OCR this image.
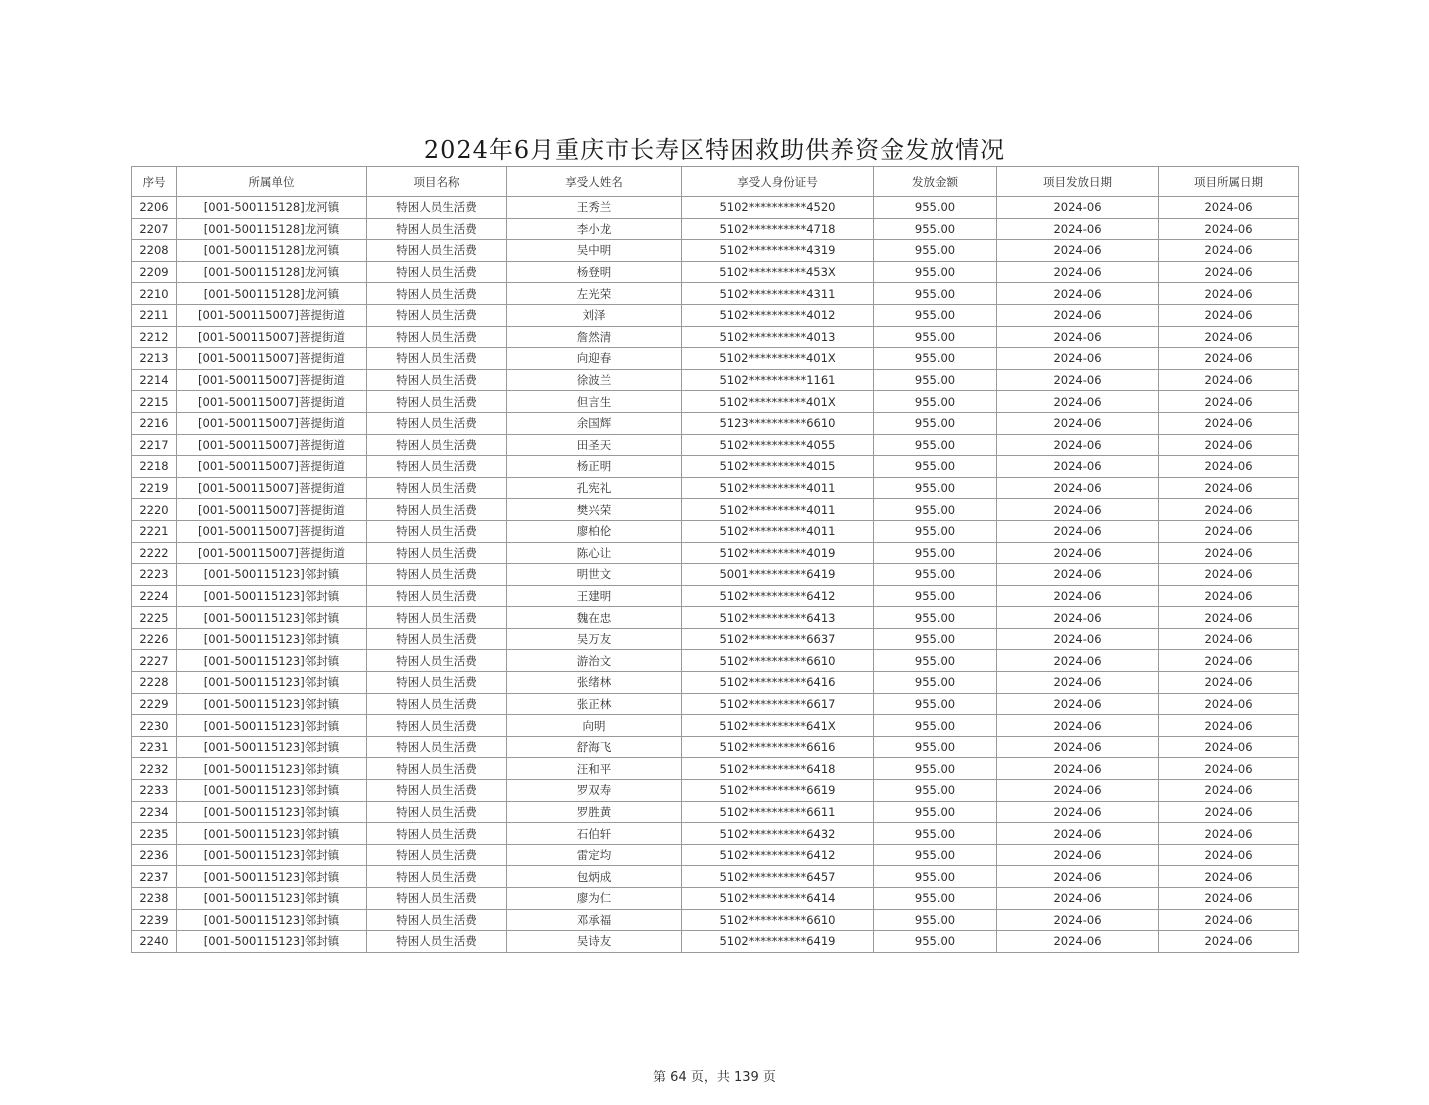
2024年6月重庆市长寿区特困救助供养资金发放情况
序号	所属单位	项目名称	享受人姓名	享受人身份证号	发放金额	项目发放日期	项目所属日期
2206	[001-500115128]龙河镇	特困人员生活费	王秀兰	5102**********4520	955.00	2024-06	2024-06
2207	[001-500115128]龙河镇	特困人员生活费	李小龙	5102**********4718	955.00	2024-06	2024-06
2208	[001-500115128]龙河镇	特困人员生活费	吴中明	5102**********4319	955.00	2024-06	2024-06
2209	[001-500115128]龙河镇	特困人员生活费	杨登明	5102**********453X	955.00	2024-06	2024-06
2210	[001-500115128]龙河镇	特困人员生活费	左光荣	5102**********4311	955.00	2024-06	2024-06
2211	[001-500115007]菩提街道	特困人员生活费	刘泽	5102**********4012	955.00	2024-06	2024-06
2212	[001-500115007]菩提街道	特困人员生活费	詹然清	5102**********4013	955.00	2024-06	2024-06
2213	[001-500115007]菩提街道	特困人员生活费	向迎春	5102**********401X	955.00	2024-06	2024-06
2214	[001-500115007]菩提街道	特困人员生活费	徐波兰	5102**********1161	955.00	2024-06	2024-06
2215	[001-500115007]菩提街道	特困人员生活费	但言生	5102**********401X	955.00	2024-06	2024-06
2216	[001-500115007]菩提街道	特困人员生活费	余国辉	5123**********6610	955.00	2024-06	2024-06
2217	[001-500115007]菩提街道	特困人员生活费	田圣天	5102**********4055	955.00	2024-06	2024-06
2218	[001-500115007]菩提街道	特困人员生活费	杨正明	5102**********4015	955.00	2024-06	2024-06
2219	[001-500115007]菩提街道	特困人员生活费	孔宪礼	5102**********4011	955.00	2024-06	2024-06
2220	[001-500115007]菩提街道	特困人员生活费	樊兴荣	5102**********4011	955.00	2024-06	2024-06
2221	[001-500115007]菩提街道	特困人员生活费	廖柏伦	5102**********4011	955.00	2024-06	2024-06
2222	[001-500115007]菩提街道	特困人员生活费	陈心让	5102**********4019	955.00	2024-06	2024-06
2223	[001-500115123]邻封镇	特困人员生活费	明世文	5001**********6419	955.00	2024-06	2024-06
2224	[001-500115123]邻封镇	特困人员生活费	王建明	5102**********6412	955.00	2024-06	2024-06
2225	[001-500115123]邻封镇	特困人员生活费	魏在忠	5102**********6413	955.00	2024-06	2024-06
2226	[001-500115123]邻封镇	特困人员生活费	吴万友	5102**********6637	955.00	2024-06	2024-06
2227	[001-500115123]邻封镇	特困人员生活费	游治文	5102**********6610	955.00	2024-06	2024-06
2228	[001-500115123]邻封镇	特困人员生活费	张绪林	5102**********6416	955.00	2024-06	2024-06
2229	[001-500115123]邻封镇	特困人员生活费	张正林	5102**********6617	955.00	2024-06	2024-06
2230	[001-500115123]邻封镇	特困人员生活费	向明	5102**********641X	955.00	2024-06	2024-06
2231	[001-500115123]邻封镇	特困人员生活费	舒海飞	5102**********6616	955.00	2024-06	2024-06
2232	[001-500115123]邻封镇	特困人员生活费	汪和平	5102**********6418	955.00	2024-06	2024-06
2233	[001-500115123]邻封镇	特困人员生活费	罗双寿	5102**********6619	955.00	2024-06	2024-06
2234	[001-500115123]邻封镇	特困人员生活费	罗胜黄	5102**********6611	955.00	2024-06	2024-06
2235	[001-500115123]邻封镇	特困人员生活费	石伯轩	5102**********6432	955.00	2024-06	2024-06
2236	[001-500115123]邻封镇	特困人员生活费	雷定均	5102**********6412	955.00	2024-06	2024-06
2237	[001-500115123]邻封镇	特困人员生活费	包炳成	5102**********6457	955.00	2024-06	2024-06
2238	[001-500115123]邻封镇	特困人员生活费	廖为仁	5102**********6414	955.00	2024-06	2024-06
2239	[001-500115123]邻封镇	特困人员生活费	邓承福	5102**********6610	955.00	2024-06	2024-06
2240	[001-500115123]邻封镇	特困人员生活费	吴诗友	5102**********6419	955.00	2024-06	2024-06
第 64 页，共 139 页
